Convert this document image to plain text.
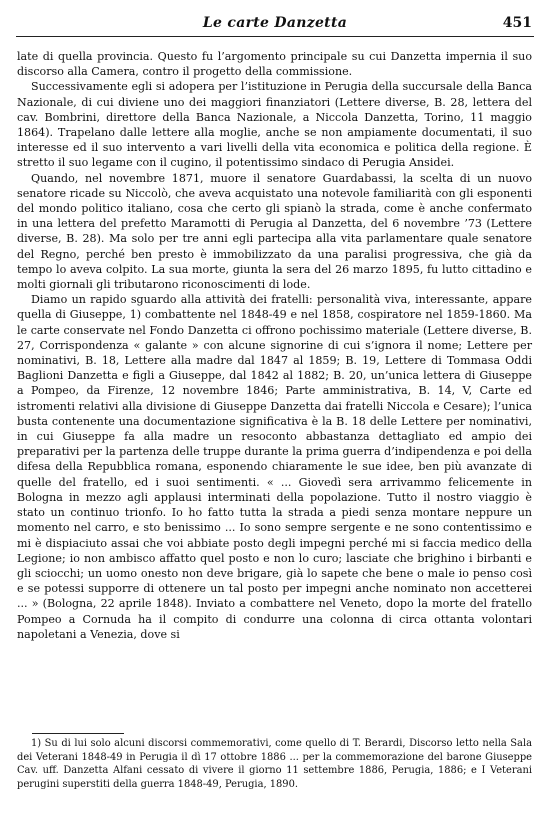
Le carte Danzetta	451

late di quella provincia. Questo fu l’argomento principale su cui Danzetta impernia il suo discorso alla Camera, contro il progetto della commissione.

Successivamente egli si adopera per l’istituzione in Perugia della succursale della Banca Nazionale, di cui diviene uno dei maggiori finanziatori (Lettere diverse, B. 28, lettera del cav. Bombrini, direttore della Banca Nazionale, a Niccola Danzetta, Torino, 11 maggio 1864). Trapelano dalle lettere alla moglie, anche se non ampiamente documentati, il suo interesse ed il suo intervento a vari livelli della vita economica e politica della regione. È stretto il suo legame con il cugino, il potentissimo sindaco di Perugia Ansidei.

Quando, nel novembre 1871, muore il senatore Guardabassi, la scelta di un nuovo senatore ricade su Niccolò, che aveva acquistato una notevole familiarità con gli esponenti del mondo politico italiano, cosa che certo gli spianò la strada, come è anche confermato in una lettera del prefetto Maramotti di Perugia al Danzetta, del 6 novembre ’73 (Lettere diverse, B. 28). Ma solo per tre anni egli partecipa alla vita parlamentare quale senatore del Regno, perché ben presto è immobilizzato da una paralisi progressiva, che già da tempo lo aveva colpito. La sua morte, giunta la sera del 26 marzo 1895, fu lutto cittadino e molti giornali gli tributarono riconoscimenti di lode.

Diamo un rapido sguardo alla attività dei fratelli: personalità viva, interessante, appare quella di Giuseppe, 1) combattente nel 1848-49 e nel 1858, cospiratore nel 1859-1860. Ma le carte conservate nel Fondo Danzetta ci offrono pochissimo materiale (Lettere diverse, B. 27, Corrispondenza « galante » con alcune signorine di cui s’ignora il nome; Lettere per nominativi, B. 18, Lettere alla madre dal 1847 al 1859; B. 19, Lettere di Tommasa Oddi Baglioni Danzetta e figli a Giuseppe, dal 1842 al 1882; B. 20, un’unica lettera di Giuseppe a Pompeo, da Firenze, 12 novembre 1846; Parte amministrativa, B. 14, V, Carte ed istromenti relativi alla divisione di Giuseppe Danzetta dai fratelli Niccola e Cesare); l’unica busta contenente una documentazione significativa è la B. 18 delle Lettere per nominativi, in cui Giuseppe fa alla madre un resoconto abbastanza dettagliato ed ampio dei preparativi per la partenza delle truppe durante la prima guerra d’indipendenza e poi della difesa della Repubblica romana, esponendo chiaramente le sue idee, ben più avanzate di quelle del fratello, ed i suoi sentimenti. « ... Giovedì sera arrivammo felicemente in Bologna in mezzo agli applausi interminati della popolazione. Tutto il nostro viaggio è stato un continuo trionfo. Io ho fatto tutta la strada a piedi senza montare neppure un momento nel carro, e sto benissimo ... Io sono sempre sergente e ne sono contentissimo e mi è dispiaciuto assai che voi abbiate posto degli impegni perché mi si faccia medico della Legione; io non ambisco affatto quel posto e non lo curo; lasciate che brighino i birbanti e gli sciocchi; un uomo onesto non deve brigare, già lo sapete che bene o male io penso così e se potessi supporre di ottenere un tal posto per impegni anche nominato non accetterei ... » (Bologna, 22 aprile 1848). Inviato a combattere nel Veneto, dopo la morte del fratello Pompeo a Cornuda ha il compito di condurre una colonna di circa ottanta volontari napoletani a Venezia, dove si

1) Su di lui solo alcuni discorsi commemorativi, come quello di T. Berardi, Discorso letto nella Sala dei Veterani 1848-49 in Perugia il dì 17 ottobre 1886 ... per la commemorazione del barone Giuseppe Cav. uff. Danzetta Alfani cessato di vivere il giorno 11 settembre 1886, Perugia, 1886; e I Veterani perugini superstiti della guerra 1848-49, Perugia, 1890.
